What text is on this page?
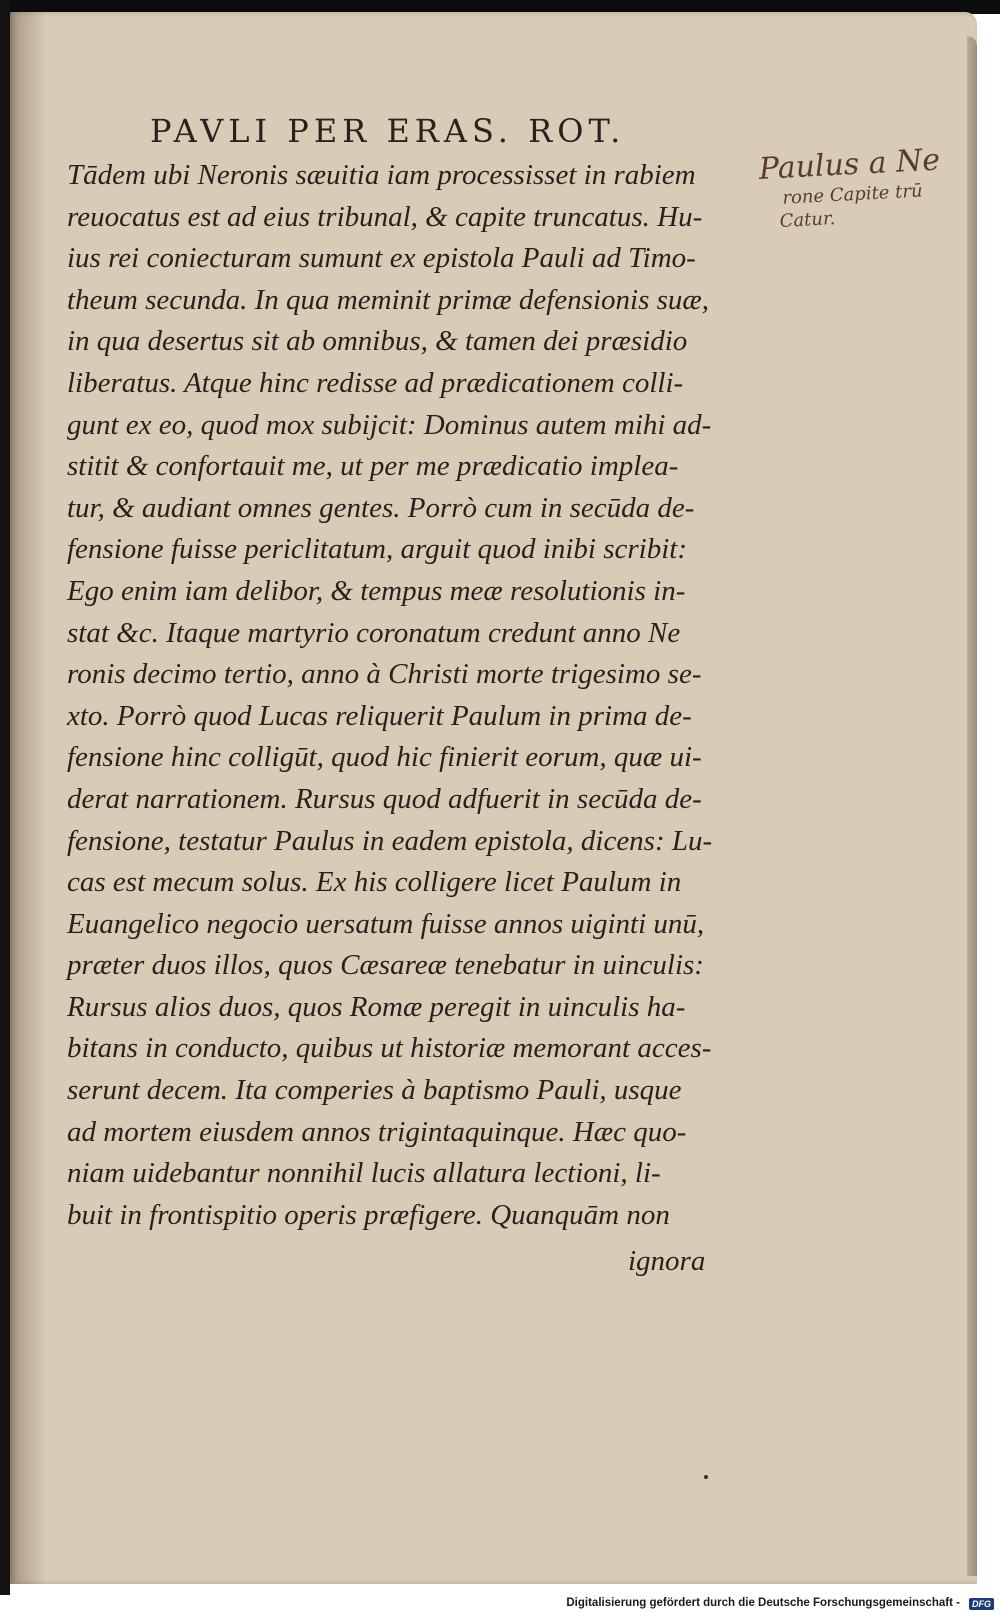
PAVLI PER ERAS. ROT.
Tādem ubi Neronis sæuitia iam processisset in rabiem
reuocatus est ad eius tribunal, & capite truncatus. Hu-
ius rei coniecturam sumunt ex epistola Pauli ad Timo-
theum secunda. In qua meminit primæ defensionis suæ,
in qua desertus sit ab omnibus, & tamen dei præsidio
liberatus. Atque hinc redisse ad prædicationem colli-
gunt ex eo, quod mox subijcit: Dominus autem mihi ad-
stitit & confortauit me, ut per me prædicatio implea-
tur, & audiant omnes gentes. Porrò cum in secūda de-
fensione fuisse periclitatum, arguit quod inibi scribit:
Ego enim iam delibor, & tempus meæ resolutionis in-
stat &c. Itaque martyrio coronatum credunt anno Ne
ronis decimo tertio, anno à Christi morte trigesimo se-
xto. Porrò quod Lucas reliquerit Paulum in prima de-
fensione hinc colligūt, quod hic finierit eorum, quæ ui-
derat narrationem. Rursus quod adfuerit in secūda de-
fensione, testatur Paulus in eadem epistola, dicens: Lu-
cas est mecum solus. Ex his colligere licet Paulum in
Euangelico negocio uersatum fuisse annos uiginti unū,
præter duos illos, quos Cæsareæ tenebatur in uinculis:
Rursus alios duos, quos Romæ peregit in uinculis ha-
bitans in conducto, quibus ut historiæ memorant acces-
serunt decem. Ita comperies à baptismo Pauli, usque
ad mortem eiusdem annos trigintaquinque. Hæc quo-
niam uidebantur nonnihil lucis allatura lectioni, li-
buit in frontispitio operis præfigere. Quanquām non
ignora
Paulus a Ne
rone Capite trū
Catur.
Digitalisierung gefördert durch die Deutsche Forschungsgemeinschaft -	DFG
